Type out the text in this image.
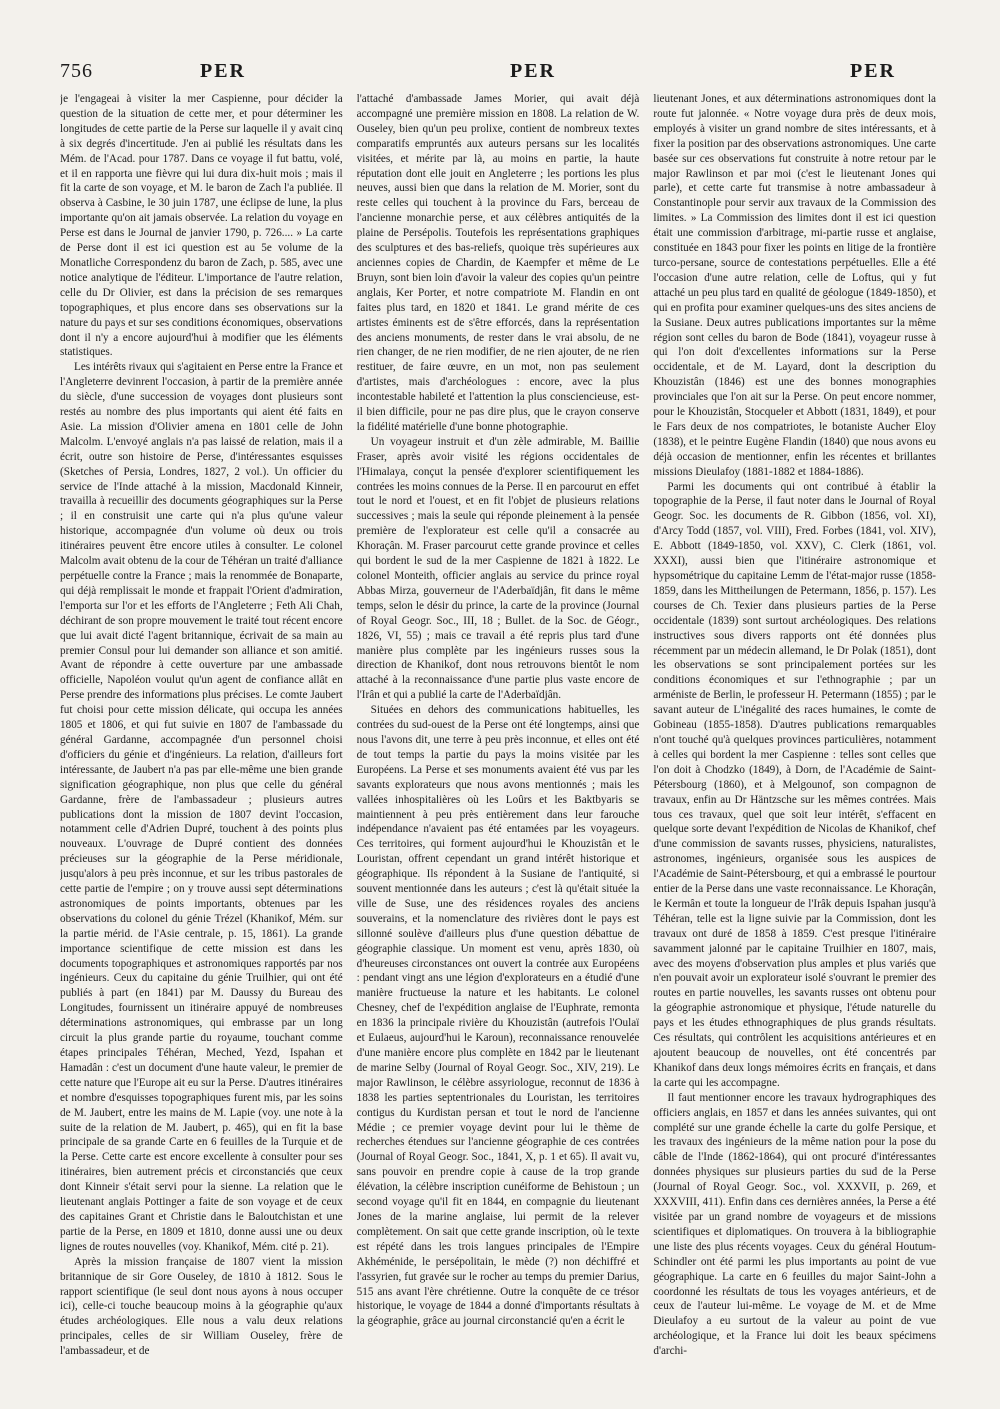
756	PER	PER	PER

je l'engageai à visiter la mer Caspienne, pour décider la question de la situation de cette mer, et pour déterminer les longitudes de cette partie de la Perse sur laquelle il y avait cinq à six degrés d'incertitude. J'en ai publié les résultats dans les Mém. de l'Acad. pour 1787. Dans ce voyage il fut battu, volé, et il en rapporta une fièvre qui lui dura dix-huit mois ; mais il fit la carte de son voyage, et M. le baron de Zach l'a publiée. Il observa à Casbine, le 30 juin 1787, une éclipse de lune, la plus importante qu'on ait jamais observée. La relation du voyage en Perse est dans le Journal de janvier 1790, p. 726.... » La carte de Perse dont il est ici question est au 5e volume de la Monatliche Correspondenz du baron de Zach, p. 585, avec une notice analytique de l'éditeur. L'importance de l'autre relation, celle du Dr Olivier, est dans la précision de ses remarques topographiques, et plus encore dans ses observations sur la nature du pays et sur ses conditions économiques, observations dont il n'y a encore aujourd'hui à modifier que les éléments statistiques.

Les intérêts rivaux qui s'agitaient en Perse entre la France et l'Angleterre devinrent l'occasion, à partir de la première année du siècle, d'une succession de voyages dont plusieurs sont restés au nombre des plus importants qui aient été faits en Asie. La mission d'Olivier amena en 1801 celle de John Malcolm. L'envoyé anglais n'a pas laissé de relation, mais il a écrit, outre son histoire de Perse, d'intéressantes esquisses (Sketches of Persia, Londres, 1827, 2 vol.). Un officier du service de l'Inde attaché à la mission, Macdonald Kinneir, travailla à recueillir des documents géographiques sur la Perse ; il en construisit une carte qui n'a plus qu'une valeur historique, accompagnée d'un volume où deux ou trois itinéraires peuvent être encore utiles à consulter. Le colonel Malcolm avait obtenu de la cour de Téhéran un traité d'alliance perpétuelle contre la France ; mais la renommée de Bonaparte, qui déjà remplissait le monde et frappait l'Orient d'admiration, l'emporta sur l'or et les efforts de l'Angleterre ; Feth Ali Chah, déchirant de son propre mouvement le traité tout récent encore que lui avait dicté l'agent britannique, écrivait de sa main au premier Consul pour lui demander son alliance et son amitié. Avant de répondre à cette ouverture par une ambassade officielle, Napoléon voulut qu'un agent de confiance allât en Perse prendre des informations plus précises. Le comte Jaubert fut choisi pour cette mission délicate, qui occupa les années 1805 et 1806, et qui fut suivie en 1807 de l'ambassade du général Gardanne, accompagnée d'un personnel choisi d'officiers du génie et d'ingénieurs. La relation, d'ailleurs fort intéressante, de Jaubert n'a pas par elle-même une bien grande signification géographique, non plus que celle du général Gardanne, frère de l'ambassadeur ; plusieurs autres publications dont la mission de 1807 devint l'occasion, notamment celle d'Adrien Dupré, touchent à des points plus nouveaux. L'ouvrage de Dupré contient des données précieuses sur la géographie de la Perse méridionale, jusqu'alors à peu près inconnue, et sur les tribus pastorales de cette partie de l'empire ; on y trouve aussi sept déterminations astronomiques de points importants, obtenues par les observations du colonel du génie Trézel (Khanikof, Mém. sur la partie mérid. de l'Asie centrale, p. 15, 1861). La grande importance scientifique de cette mission est dans les documents topographiques et astronomiques rapportés par nos ingénieurs. Ceux du capitaine du génie Truilhier, qui ont été publiés à part (en 1841) par M. Daussy du Bureau des Longitudes, fournissent un itinéraire appuyé de nombreuses déterminations astronomiques, qui embrasse par un long circuit la plus grande partie du royaume, touchant comme étapes principales Téhéran, Meched, Yezd, Ispahan et Hamadân : c'est un document d'une haute valeur, le premier de cette nature que l'Europe ait eu sur la Perse. D'autres itinéraires et nombre d'esquisses topographiques furent mis, par les soins de M. Jaubert, entre les mains de M. Lapie (voy. une note à la suite de la relation de M. Jaubert, p. 465), qui en fit la base principale de sa grande Carte en 6 feuilles de la Turquie et de la Perse. Cette carte est encore excellente à consulter pour ses itinéraires, bien autrement précis et circonstanciés que ceux dont Kinneir s'était servi pour la sienne. La relation que le lieutenant anglais Pottinger a faite de son voyage et de ceux des capitaines Grant et Christie dans le Baloutchistan et une partie de la Perse, en 1809 et 1810, donne aussi une ou deux lignes de routes nouvelles (voy. Khanikof, Mém. cité p. 21).

Après la mission française de 1807 vient la mission britannique de sir Gore Ouseley, de 1810 à 1812. Sous le rapport scientifique (le seul dont nous ayons à nous occuper ici), celle-ci touche beaucoup moins à la géographie qu'aux études archéologiques. Elle nous a valu deux relations principales, celles de sir William Ouseley, frère de l'ambassadeur, et de

l'attaché d'ambassade James Morier, qui avait déjà accompagné une première mission en 1808. La relation de W. Ouseley, bien qu'un peu prolixe, contient de nombreux textes comparatifs empruntés aux auteurs persans sur les localités visitées, et mérite par là, au moins en partie, la haute réputation dont elle jouit en Angleterre ; les portions les plus neuves, aussi bien que dans la relation de M. Morier, sont du reste celles qui touchent à la province du Fars, berceau de l'ancienne monarchie perse, et aux célèbres antiquités de la plaine de Persépolis. Toutefois les représentations graphiques des sculptures et des bas-reliefs, quoique très supérieures aux anciennes copies de Chardin, de Kaempfer et même de Le Bruyn, sont bien loin d'avoir la valeur des copies qu'un peintre anglais, Ker Porter, et notre compatriote M. Flandin en ont faites plus tard, en 1820 et 1841. Le grand mérite de ces artistes éminents est de s'être efforcés, dans la représentation des anciens monuments, de rester dans le vrai absolu, de ne rien changer, de ne rien modifier, de ne rien ajouter, de ne rien restituer, de faire œuvre, en un mot, non pas seulement d'artistes, mais d'archéologues : encore, avec la plus incontestable habileté et l'attention la plus consciencieuse, est-il bien difficile, pour ne pas dire plus, que le crayon conserve la fidélité matérielle d'une bonne photographie.

Un voyageur instruit et d'un zèle admirable, M. Baillie Fraser, après avoir visité les régions occidentales de l'Himalaya, conçut la pensée d'explorer scientifiquement les contrées les moins connues de la Perse. Il en parcourut en effet tout le nord et l'ouest, et en fit l'objet de plusieurs relations successives ; mais la seule qui réponde pleinement à la pensée première de l'explorateur est celle qu'il a consacrée au Khoraçân. M. Fraser parcourut cette grande province et celles qui bordent le sud de la mer Caspienne de 1821 à 1822. Le colonel Monteith, officier anglais au service du prince royal Abbas Mirza, gouverneur de l'Aderbaïdjân, fit dans le même temps, selon le désir du prince, la carte de la province (Journal of Royal Geogr. Soc., III, 18 ; Bullet. de la Soc. de Géogr., 1826, VI, 55) ; mais ce travail a été repris plus tard d'une manière plus complète par les ingénieurs russes sous la direction de Khanikof, dont nous retrouvons bientôt le nom attaché à la reconnaissance d'une partie plus vaste encore de l'Irân et qui a publié la carte de l'Aderbaïdjân.

Situées en dehors des communications habituelles, les contrées du sud-ouest de la Perse ont été longtemps, ainsi que nous l'avons dit, une terre à peu près inconnue, et elles ont été de tout temps la partie du pays la moins visitée par les Européens. La Perse et ses monuments avaient été vus par les savants explorateurs que nous avons mentionnés ; mais les vallées inhospitalières où les Loûrs et les Baktbyaris se maintiennent à peu près entièrement dans leur farouche indépendance n'avaient pas été entamées par les voyageurs. Ces territoires, qui forment aujourd'hui le Khouzistân et le Louristan, offrent cependant un grand intérêt historique et géographique. Ils répondent à la Susiane de l'antiquité, si souvent mentionnée dans les auteurs ; c'est là qu'était située la ville de Suse, une des résidences royales des anciens souverains, et la nomenclature des rivières dont le pays est sillonné soulève d'ailleurs plus d'une question débattue de géographie classique. Un moment est venu, après 1830, où d'heureuses circonstances ont ouvert la contrée aux Européens : pendant vingt ans une légion d'explorateurs en a étudié d'une manière fructueuse la nature et les habitants. Le colonel Chesney, chef de l'expédition anglaise de l'Euphrate, remonta en 1836 la principale rivière du Khouzistân (autrefois l'Oulaï et Eulaeus, aujourd'hui le Karoun), reconnaissance renouvelée d'une manière encore plus complète en 1842 par le lieutenant de marine Selby (Journal of Royal Geogr. Soc., XIV, 219). Le major Rawlinson, le célèbre assyriologue, reconnut de 1836 à 1838 les parties septentrionales du Louristan, les territoires contigus du Kurdistan persan et tout le nord de l'ancienne Médie ; ce premier voyage devint pour lui le thème de recherches étendues sur l'ancienne géographie de ces contrées (Journal of Royal Geogr. Soc., 1841, X, p. 1 et 65). Il avait vu, sans pouvoir en prendre copie à cause de la trop grande élévation, la célèbre inscription cunéiforme de Behistoun ; un second voyage qu'il fit en 1844, en compagnie du lieutenant Jones de la marine anglaise, lui permit de la relever complètement. On sait que cette grande inscription, où le texte est répété dans les trois langues principales de l'Empire Akhéménide, le persépolitain, le mède (?) non déchiffré et l'assyrien, fut gravée sur le rocher au temps du premier Darius, 515 ans avant l'ère chrétienne. Outre la conquête de ce trésor historique, le voyage de 1844 a donné d'importants résultats à la géographie, grâce au journal circonstancié qu'en a écrit le

lieutenant Jones, et aux déterminations astronomiques dont la route fut jalonnée. « Notre voyage dura près de deux mois, employés à visiter un grand nombre de sites intéressants, et à fixer la position par des observations astronomiques. Une carte basée sur ces observations fut construite à notre retour par le major Rawlinson et par moi (c'est le lieutenant Jones qui parle), et cette carte fut transmise à notre ambassadeur à Constantinople pour servir aux travaux de la Commission des limites. » La Commission des limites dont il est ici question était une commission d'arbitrage, mi-partie russe et anglaise, constituée en 1843 pour fixer les points en litige de la frontière turco-persane, source de contestations perpétuelles. Elle a été l'occasion d'une autre relation, celle de Loftus, qui y fut attaché un peu plus tard en qualité de géologue (1849-1850), et qui en profita pour examiner quelques-uns des sites anciens de la Susiane. Deux autres publications importantes sur la même région sont celles du baron de Bode (1841), voyageur russe à qui l'on doit d'excellentes informations sur la Perse occidentale, et de M. Layard, dont la description du Khouzistân (1846) est une des bonnes monographies provinciales que l'on ait sur la Perse. On peut encore nommer, pour le Khouzistân, Stocqueler et Abbott (1831, 1849), et pour le Fars deux de nos compatriotes, le botaniste Aucher Eloy (1838), et le peintre Eugène Flandin (1840) que nous avons eu déjà occasion de mentionner, enfin les récentes et brillantes missions Dieulafoy (1881-1882 et 1884-1886).

Parmi les documents qui ont contribué à établir la topographie de la Perse, il faut noter dans le Journal of Royal Geogr. Soc. les documents de R. Gibbon (1856, vol. XI), d'Arcy Todd (1857, vol. VIII), Fred. Forbes (1841, vol. XIV), E. Abbott (1849-1850, vol. XXV), C. Clerk (1861, vol. XXXI), aussi bien que l'itinéraire astronomique et hypsométrique du capitaine Lemm de l'état-major russe (1858-1859, dans les Mittheilungen de Petermann, 1856, p. 157). Les courses de Ch. Texier dans plusieurs parties de la Perse occidentale (1839) sont surtout archéologiques. Des relations instructives sous divers rapports ont été données plus récemment par un médecin allemand, le Dr Polak (1851), dont les observations se sont principalement portées sur les conditions économiques et sur l'ethnographie ; par un arméniste de Berlin, le professeur H. Petermann (1855) ; par le savant auteur de L'inégalité des races humaines, le comte de Gobineau (1855-1858). D'autres publications remarquables n'ont touché qu'à quelques provinces particulières, notamment à celles qui bordent la mer Caspienne : telles sont celles que l'on doit à Chodzko (1849), à Dorn, de l'Académie de Saint-Pétersbourg (1860), et à Melgounof, son compagnon de travaux, enfin au Dr Häntzsche sur les mêmes contrées. Mais tous ces travaux, quel que soit leur intérêt, s'effacent en quelque sorte devant l'expédition de Nicolas de Khanikof, chef d'une commission de savants russes, physiciens, naturalistes, astronomes, ingénieurs, organisée sous les auspices de l'Académie de Saint-Pétersbourg, et qui a embrassé le pourtour entier de la Perse dans une vaste reconnaissance. Le Khoraçân, le Kermân et toute la longueur de l'Irâk depuis Ispahan jusqu'à Téhéran, telle est la ligne suivie par la Commission, dont les travaux ont duré de 1858 à 1859. C'est presque l'itinéraire savamment jalonné par le capitaine Truilhier en 1807, mais, avec des moyens d'observation plus amples et plus variés que n'en pouvait avoir un explorateur isolé s'ouvrant le premier des routes en partie nouvelles, les savants russes ont obtenu pour la géographie astronomique et physique, l'étude naturelle du pays et les études ethnographiques de plus grands résultats. Ces résultats, qui contrôlent les acquisitions antérieures et en ajoutent beaucoup de nouvelles, ont été concentrés par Khanikof dans deux longs mémoires écrits en français, et dans la carte qui les accompagne.

Il faut mentionner encore les travaux hydrographiques des officiers anglais, en 1857 et dans les années suivantes, qui ont complété sur une grande échelle la carte du golfe Persique, et les travaux des ingénieurs de la même nation pour la pose du câble de l'Inde (1862-1864), qui ont procuré d'intéressantes données physiques sur plusieurs parties du sud de la Perse (Journal of Royal Geogr. Soc., vol. XXXVII, p. 269, et XXXVIII, 411). Enfin dans ces dernières années, la Perse a été visitée par un grand nombre de voyageurs et de missions scientifiques et diplomatiques. On trouvera à la bibliographie une liste des plus récents voyages. Ceux du général Houtum-Schindler ont été parmi les plus importants au point de vue géographique. La carte en 6 feuilles du major Saint-John a coordonné les résultats de tous les voyages antérieurs, et de ceux de l'auteur lui-même. Le voyage de M. et de Mme Dieulafoy a eu surtout de la valeur au point de vue archéologique, et la France lui doit les beaux spécimens d'archi-
